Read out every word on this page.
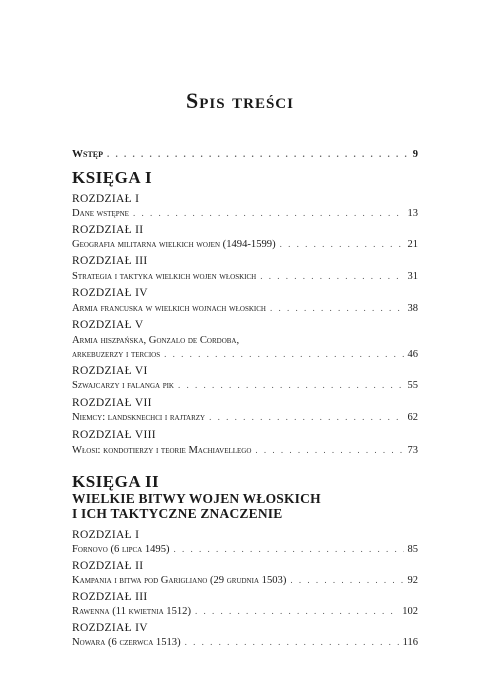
Spis treści
Wstęp . . .	9
KSIĘGA I
ROZDZIAŁ I
Dane wstępne . . .	13
ROZDZIAŁ II
Geografia militarna wielkich wojen (1494-1599) . . .	21
ROZDZIAŁ III
Strategia i taktyka wielkich wojen włoskich . . .	31
ROZDZIAŁ IV
Armia francuska w wielkich wojnach włoskich . . .	38
ROZDZIAŁ V
Armia hiszpańska, Gonzalo de Cordoba,
arkebuzerzy i tercios . . .	46
ROZDZIAŁ VI
Szwajcarzy i falanga pik . . .	55
ROZDZIAŁ VII
Niemcy: landsknechci i rajtarzy . . .	62
ROZDZIAŁ VIII
Włosi: kondotierzy i teorie Machiavellego . . .	73
KSIĘGA II
WIELKIE BITWY WOJEN WŁOSKICH
I ICH TAKTYCZNE ZNACZENIE
ROZDZIAŁ I
Fornovo (6 lipca 1495) . . .	85
ROZDZIAŁ II
Kampania i bitwa pod Garigliano (29 grudnia 1503) . . .	92
ROZDZIAŁ III
Rawenna (11 kwietnia 1512) . . .	102
ROZDZIAŁ IV
Nowara (6 czerwca 1513) . . .	116
